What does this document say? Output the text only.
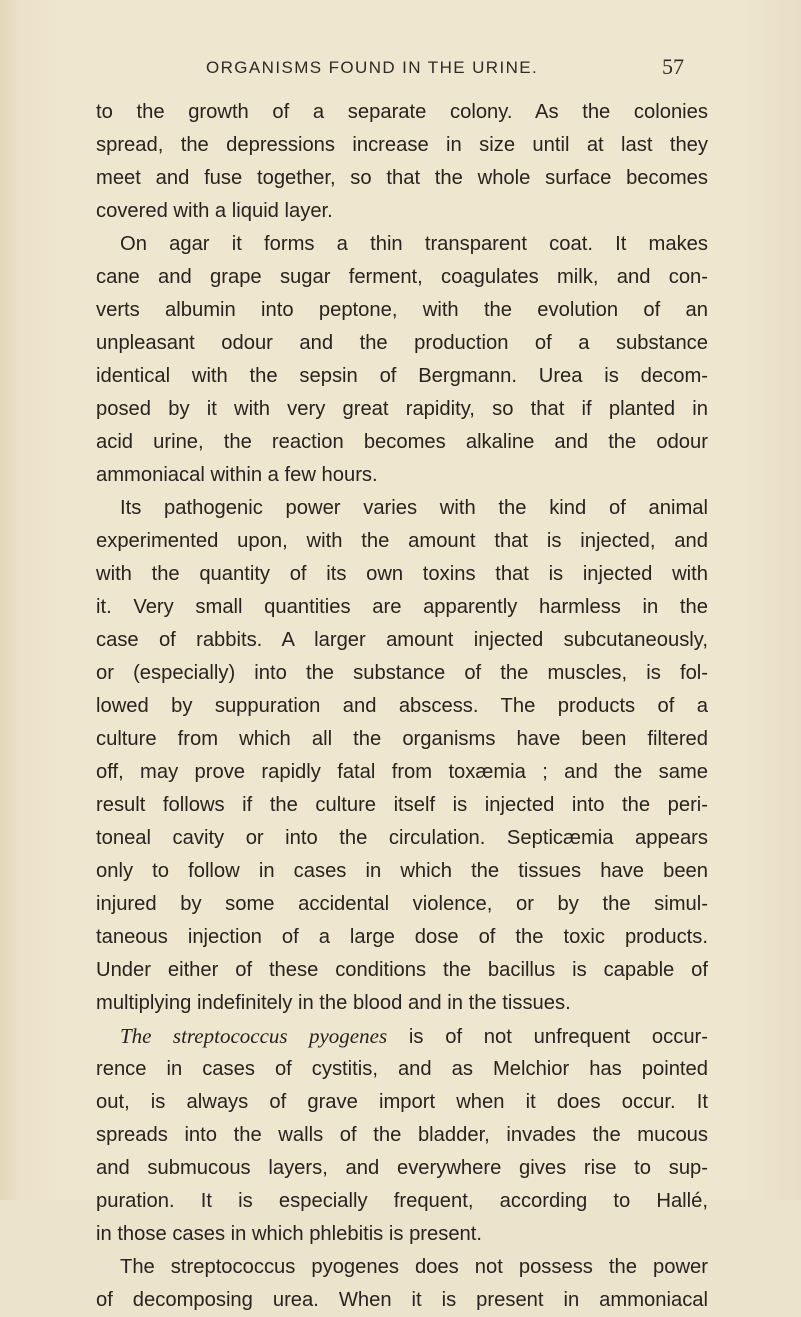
ORGANISMS FOUND IN THE URINE.	57
to the growth of a separate colony. As the colonies
spread, the depressions increase in size until at last they
meet and fuse together, so that the whole surface becomes
covered with a liquid layer.
On agar it forms a thin transparent coat. It makes
cane and grape sugar ferment, coagulates milk, and con-
verts albumin into peptone, with the evolution of an
unpleasant odour and the production of a substance
identical with the sepsin of Bergmann. Urea is decom-
posed by it with very great rapidity, so that if planted in
acid urine, the reaction becomes alkaline and the odour
ammoniacal within a few hours.
Its pathogenic power varies with the kind of animal
experimented upon, with the amount that is injected, and
with the quantity of its own toxins that is injected with
it. Very small quantities are apparently harmless in the
case of rabbits. A larger amount injected subcutaneously,
or (especially) into the substance of the muscles, is fol-
lowed by suppuration and abscess. The products of a
culture from which all the organisms have been filtered
off, may prove rapidly fatal from toxæmia ; and the same
result follows if the culture itself is injected into the peri-
toneal cavity or into the circulation. Septicæmia appears
only to follow in cases in which the tissues have been
injured by some accidental violence, or by the simul-
taneous injection of a large dose of the toxic products.
Under either of these conditions the bacillus is capable of
multiplying indefinitely in the blood and in the tissues.
The streptococcus pyogenes is of not unfrequent occur-
rence in cases of cystitis, and as Melchior has pointed
out, is always of grave import when it does occur. It
spreads into the walls of the bladder, invades the mucous
and submucous layers, and everywhere gives rise to sup-
puration. It is especially frequent, according to Hallé,
in those cases in which phlebitis is present.
The streptococcus pyogenes does not possess the power
of decomposing urea. When it is present in ammoniacal
